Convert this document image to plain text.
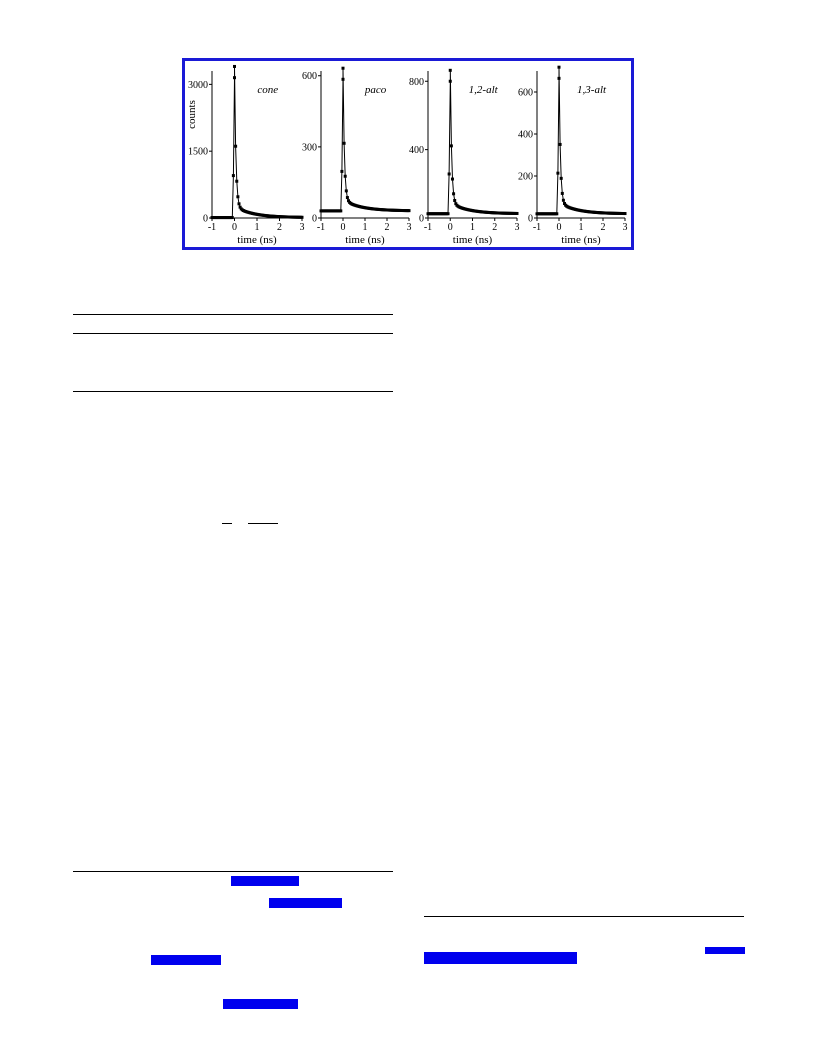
0
1500
3000
-1 0 1 2 3
time (ns)
counts
cone
0
300
600
-1 0 1 2 3
time (ns)
paco
0
400
800
-1 0 1 2 3
time (ns)
1,2-alt
0
200
400
600
-1 0 1 2 3
time (ns)
1,3-alt
